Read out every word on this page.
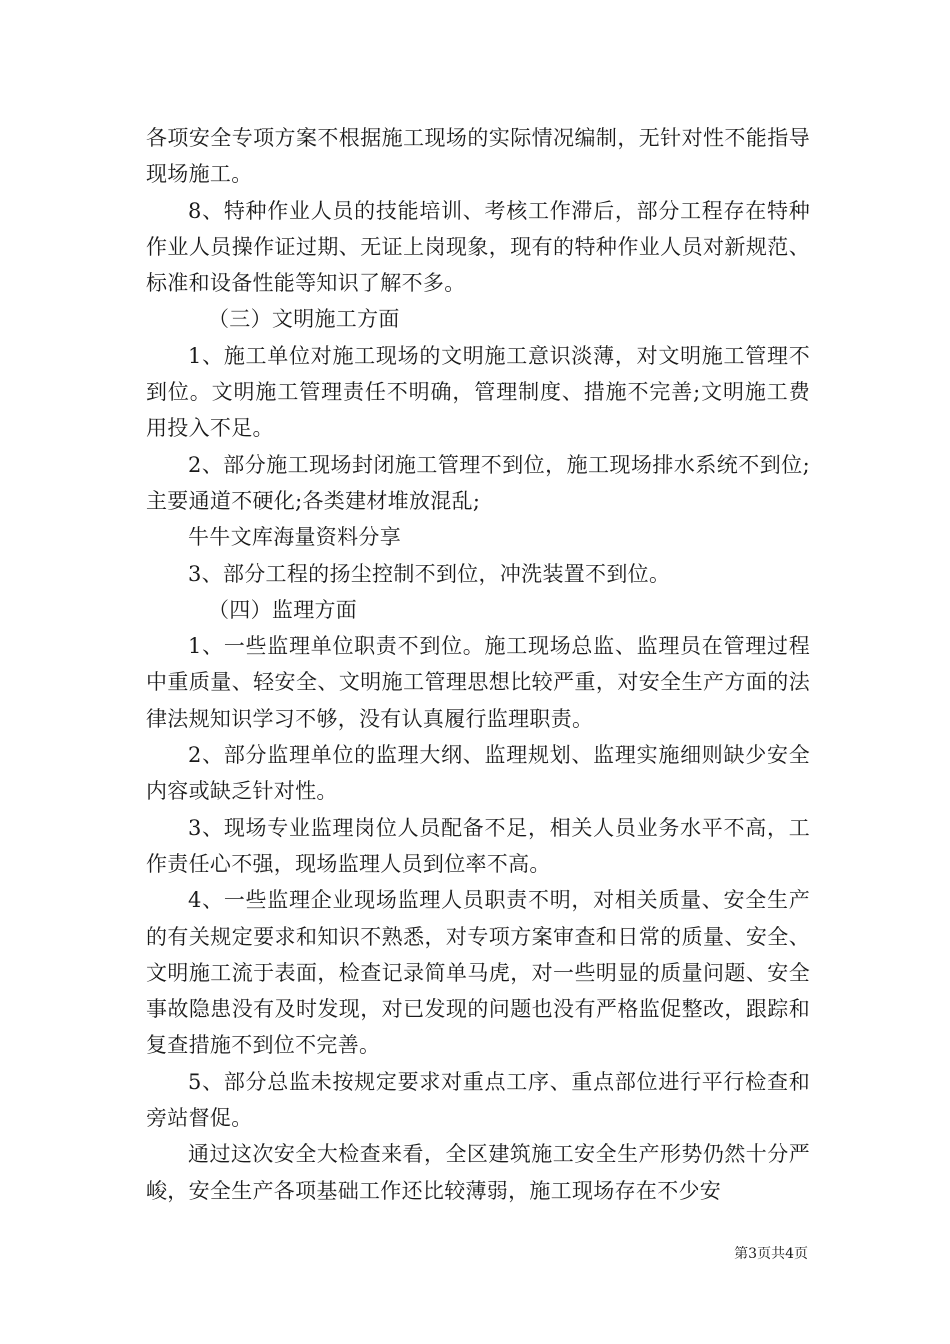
各项安全专项方案不根据施工现场的实际情况编制，无针对性不能指导现场施工。

8、特种作业人员的技能培训、考核工作滞后，部分工程存在特种作业人员操作证过期、无证上岗现象，现有的特种作业人员对新规范、标准和设备性能等知识了解不多。

（三）文明施工方面

1、施工单位对施工现场的文明施工意识淡薄，对文明施工管理不到位。文明施工管理责任不明确，管理制度、措施不完善;文明施工费用投入不足。

2、部分施工现场封闭施工管理不到位，施工现场排水系统不到位;主要通道不硬化;各类建材堆放混乱;

牛牛文库海量资料分享

3、部分工程的扬尘控制不到位，冲洗装置不到位。

（四）监理方面

1、一些监理单位职责不到位。施工现场总监、监理员在管理过程中重质量、轻安全、文明施工管理思想比较严重，对安全生产方面的法律法规知识学习不够，没有认真履行监理职责。

2、部分监理单位的监理大纲、监理规划、监理实施细则缺少安全内容或缺乏针对性。

3、现场专业监理岗位人员配备不足，相关人员业务水平不高，工作责任心不强，现场监理人员到位率不高。

4、一些监理企业现场监理人员职责不明，对相关质量、安全生产的有关规定要求和知识不熟悉，对专项方案审查和日常的质量、安全、文明施工流于表面，检查记录简单马虎，对一些明显的质量问题、安全事故隐患没有及时发现，对已发现的问题也没有严格监促整改，跟踪和复查措施不到位不完善。

5、部分总监未按规定要求对重点工序、重点部位进行平行检查和旁站督促。

通过这次安全大检查来看，全区建筑施工安全生产形势仍然十分严峻，安全生产各项基础工作还比较薄弱，施工现场存在不少安

第3页共4页
